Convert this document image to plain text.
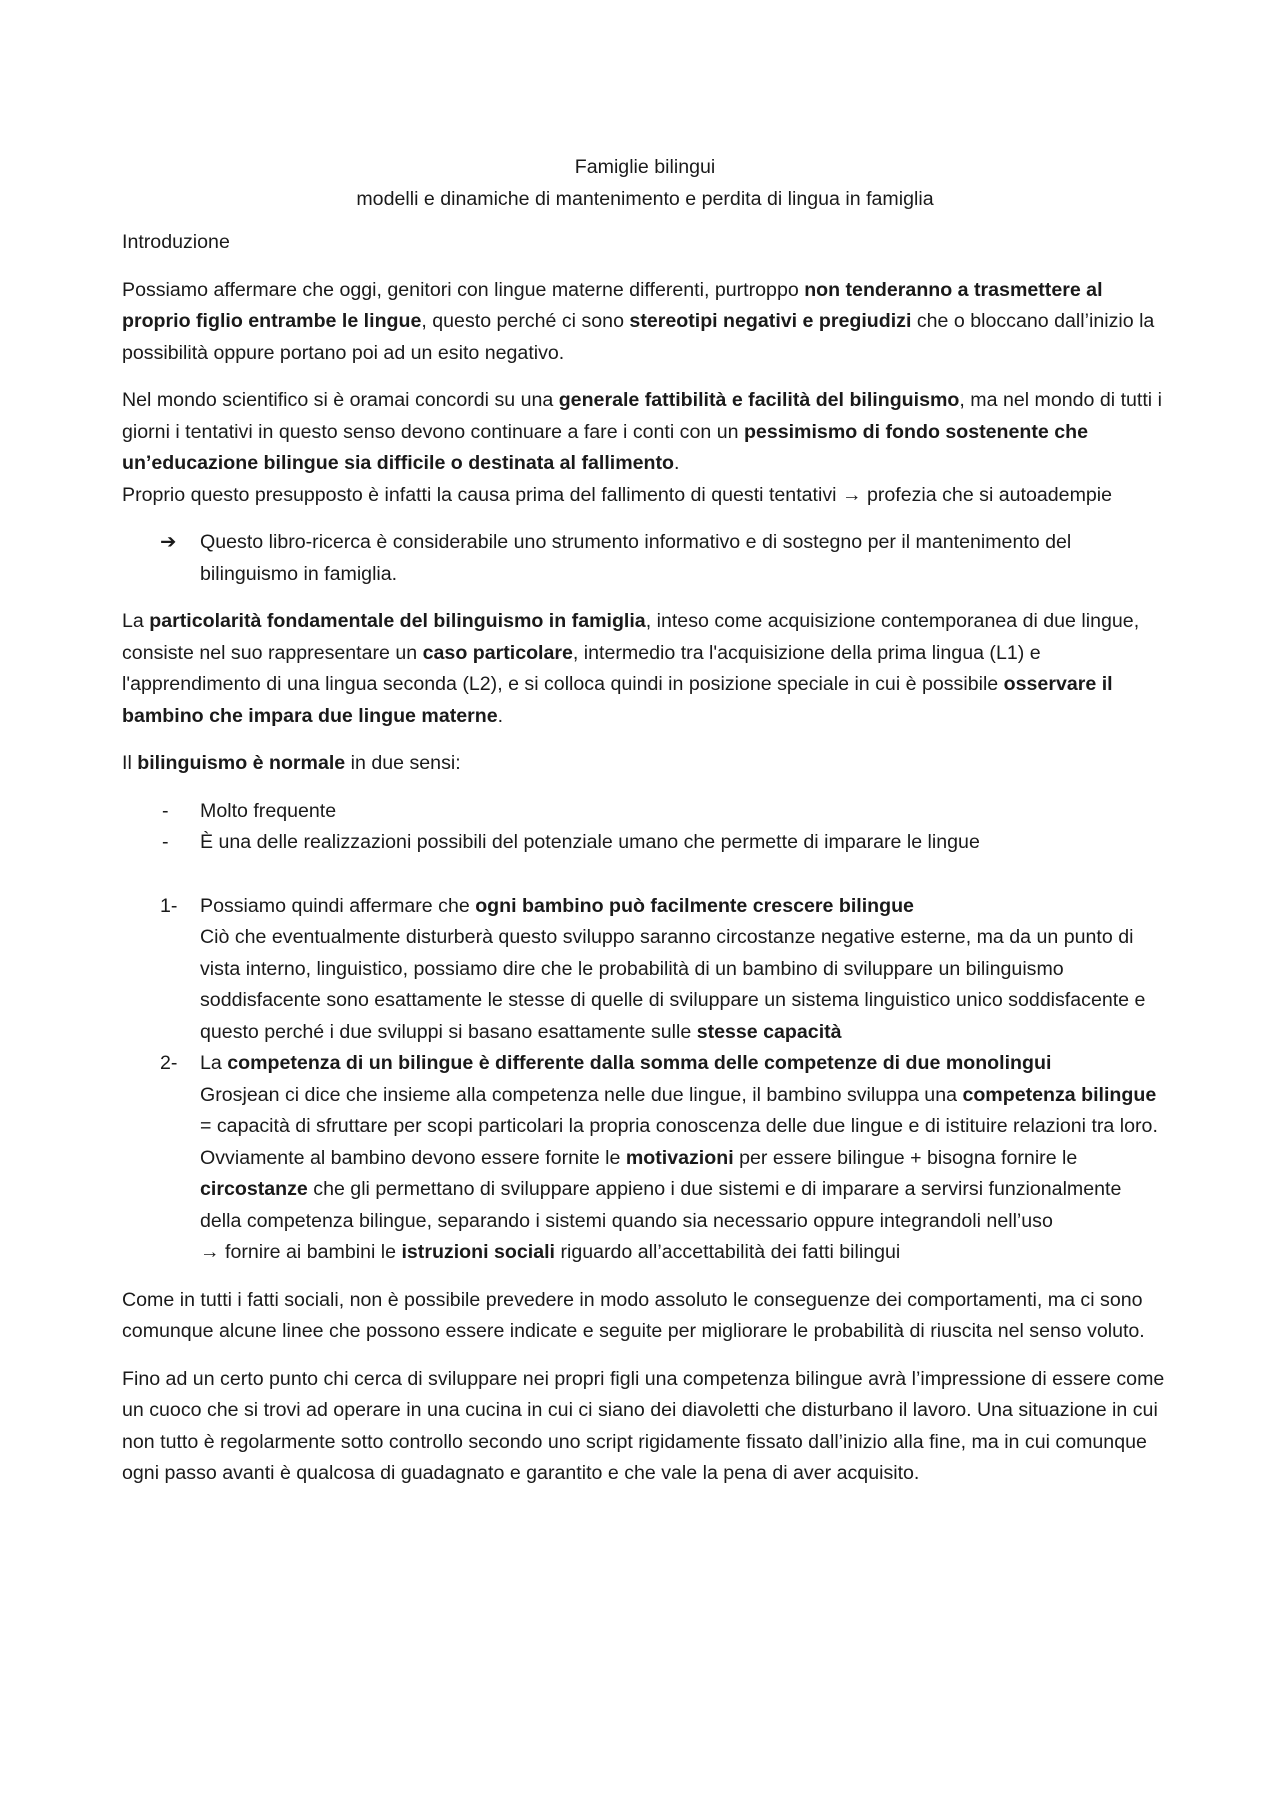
Famiglie bilingui
modelli e dinamiche di mantenimento e perdita di lingua in famiglia

Introduzione

Possiamo affermare che oggi, genitori con lingue materne differenti, purtroppo non tenderanno a trasmettere al proprio figlio entrambe le lingue, questo perché ci sono stereotipi negativi e pregiudizi che o bloccano dall’inizio la possibilità oppure portano poi ad un esito negativo.

Nel mondo scientifico si è oramai concordi su una generale fattibilità e facilità del bilinguismo, ma nel mondo di tutti i giorni i tentativi in questo senso devono continuare a fare i conti con un pessimismo di fondo sostenente che un’educazione bilingue sia difficile o destinata al fallimento.
Proprio questo presupposto è infatti la causa prima del fallimento di questi tentativi → profezia che si autoadempie

➔	Questo libro-ricerca è considerabile uno strumento informativo e di sostegno per il mantenimento del bilinguismo in famiglia.

La particolarità fondamentale del bilinguismo in famiglia, inteso come acquisizione contemporanea di due lingue, consiste nel suo rappresentare un caso particolare, intermedio tra l'acquisizione della prima lingua (L1) e l'apprendimento di una lingua seconda (L2), e si colloca quindi in posizione speciale in cui è possibile osservare il bambino che impara due lingue materne.

Il bilinguismo è normale in due sensi:

-	Molto frequente
-	È una delle realizzazioni possibili del potenziale umano che permette di imparare le lingue
1-	Possiamo quindi affermare che ogni bambino può facilmente crescere bilingue
Ciò che eventualmente disturberà questo sviluppo saranno circostanze negative esterne, ma da un punto di vista interno, linguistico, possiamo dire che le probabilità di un bambino di sviluppare un bilinguismo soddisfacente sono esattamente le stesse di quelle di sviluppare un sistema linguistico unico soddisfacente e questo perché i due sviluppi si basano esattamente sulle stesse capacità
2-	La competenza di un bilingue è differente dalla somma delle competenze di due monolingui
Grosjean ci dice che insieme alla competenza nelle due lingue, il bambino sviluppa una competenza bilingue = capacità di sfruttare per scopi particolari la propria conoscenza delle due lingue e di istituire relazioni tra loro.
Ovviamente al bambino devono essere fornite le motivazioni per essere bilingue + bisogna fornire le circostanze che gli permettano di sviluppare appieno i due sistemi e di imparare a servirsi funzionalmente della competenza bilingue, separando i sistemi quando sia necessario oppure integrandoli nell’uso
→ fornire ai bambini le istruzioni sociali riguardo all’accettabilità dei fatti bilingui

Come in tutti i fatti sociali, non è possibile prevedere in modo assoluto le conseguenze dei comportamenti, ma ci sono comunque alcune linee che possono essere indicate e seguite per migliorare le probabilità di riuscita nel senso voluto.

Fino ad un certo punto chi cerca di sviluppare nei propri figli una competenza bilingue avrà l’impressione di essere come un cuoco che si trovi ad operare in una cucina in cui ci siano dei diavoletti che disturbano il lavoro. Una situazione in cui non tutto è regolarmente sotto controllo secondo uno script rigidamente fissato dall’inizio alla fine, ma in cui comunque ogni passo avanti è qualcosa di guadagnato e garantito e che vale la pena di aver acquisito.
